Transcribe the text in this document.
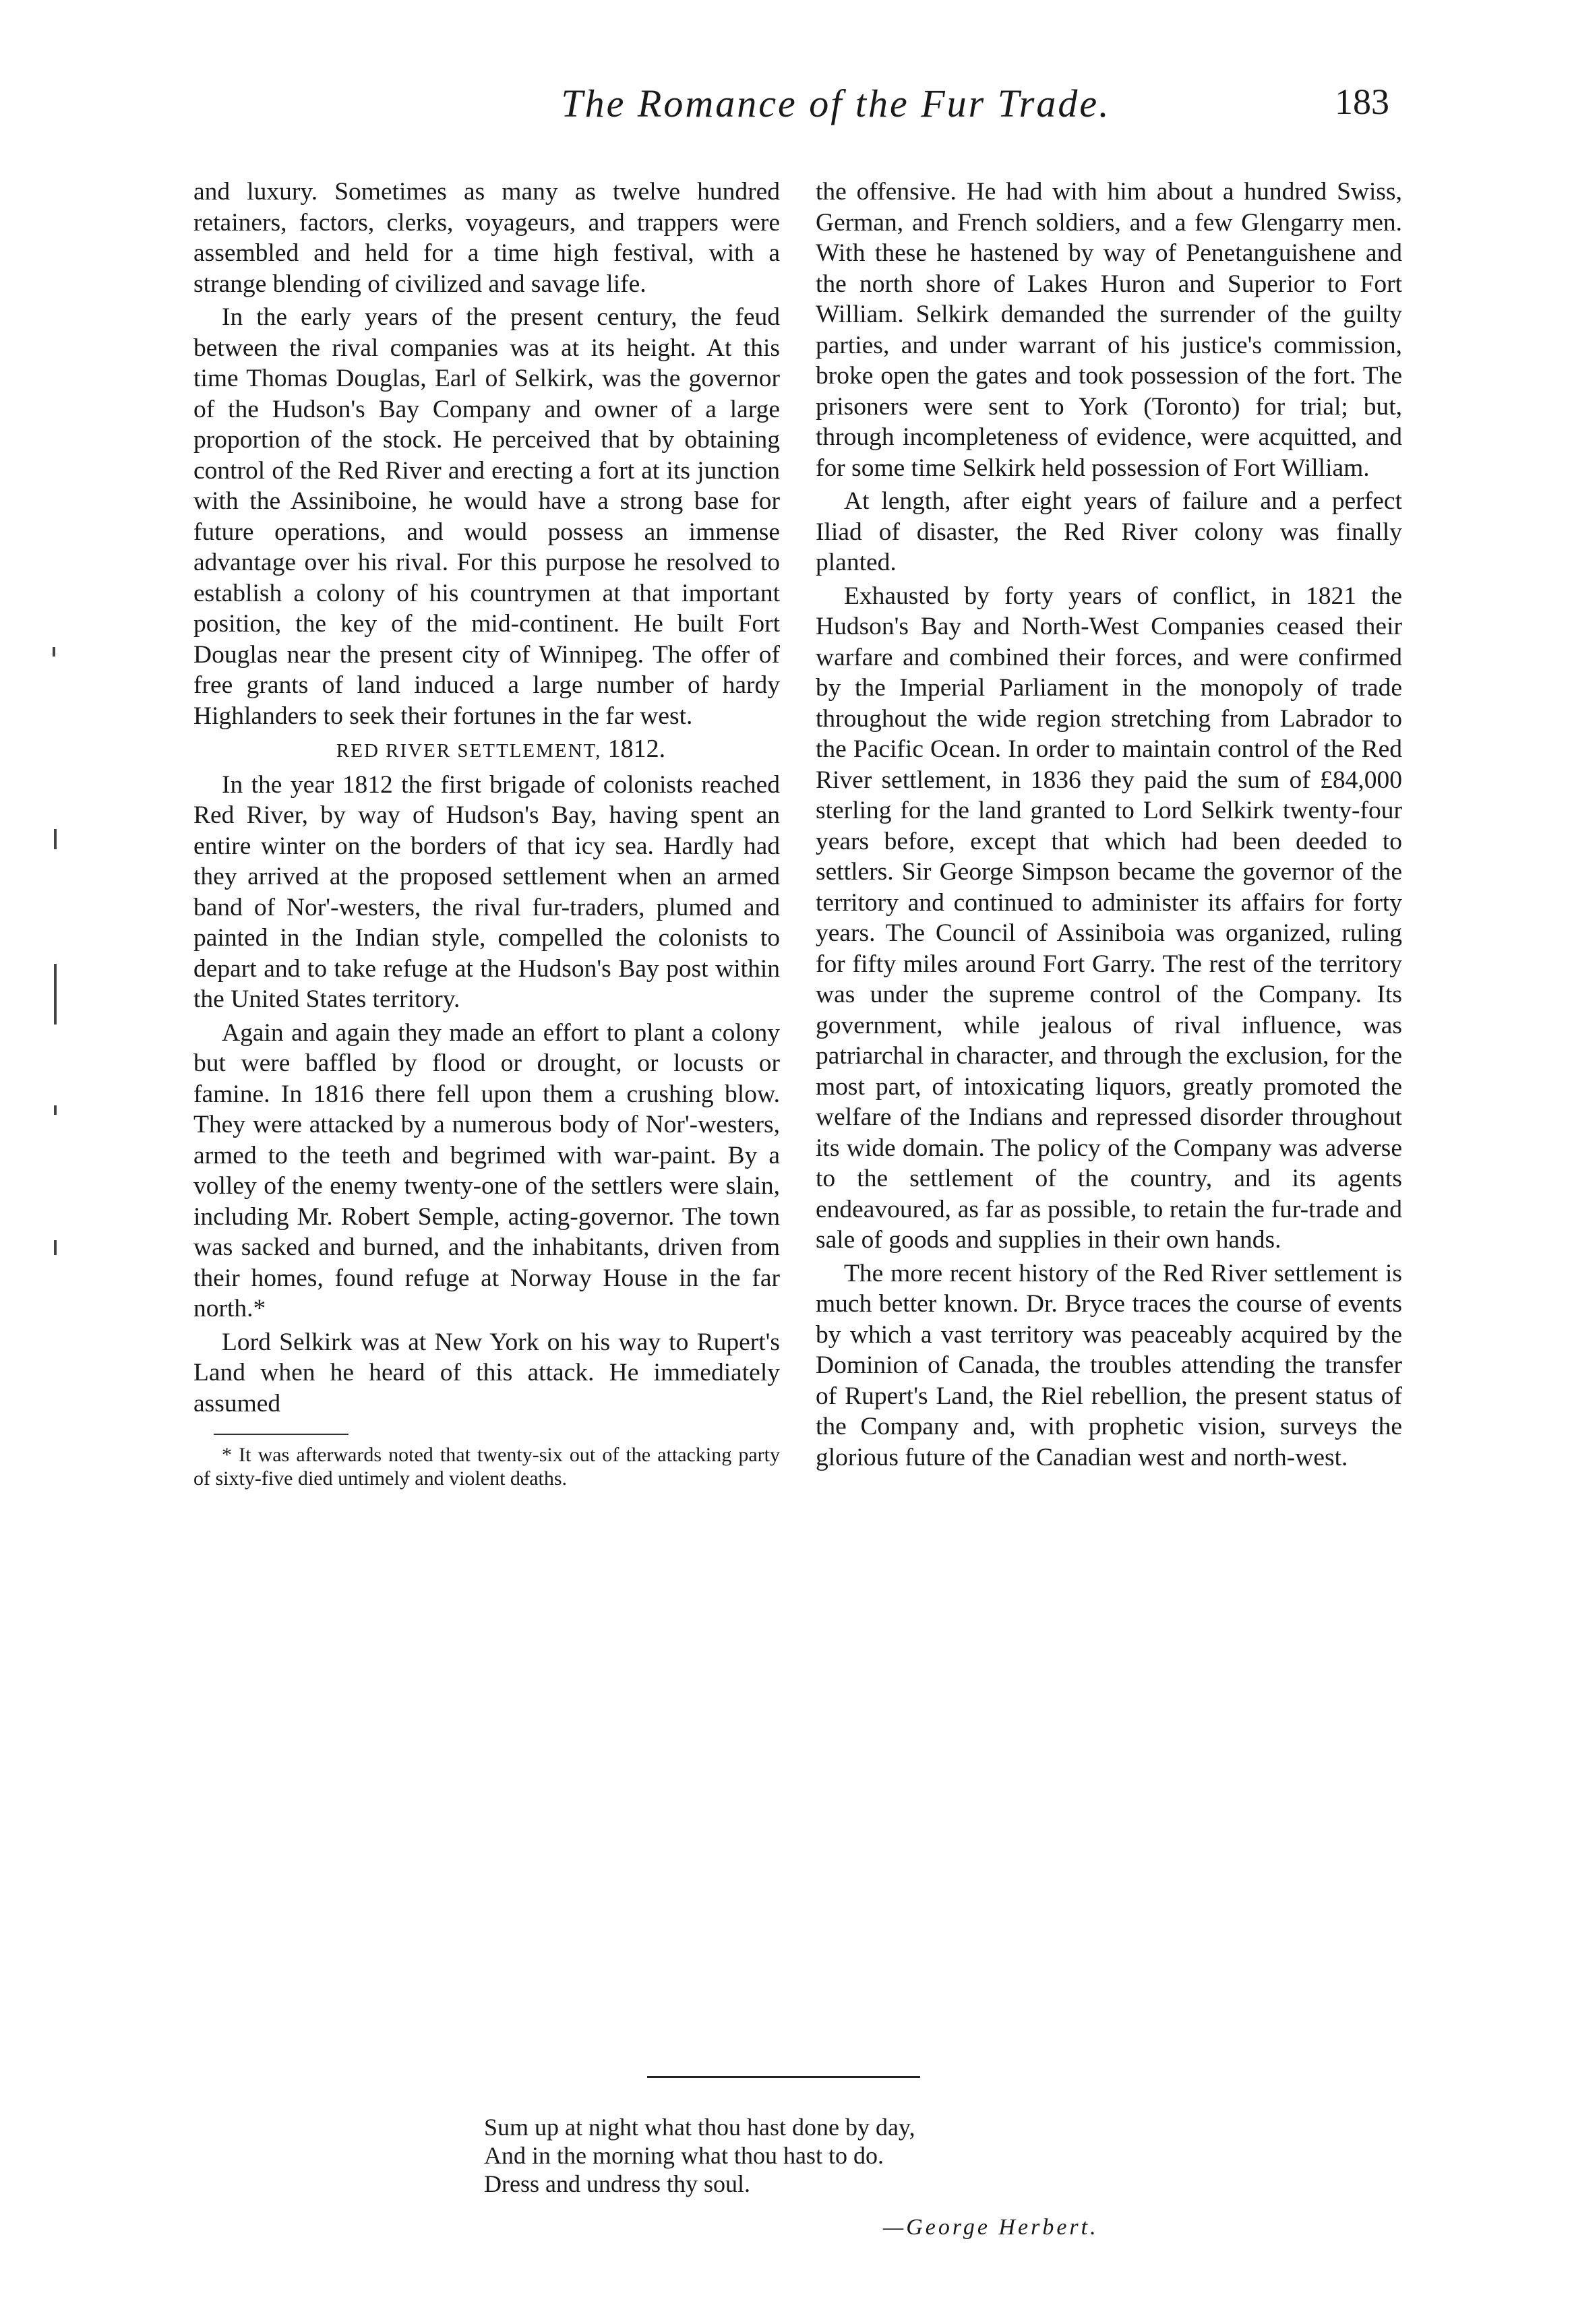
The Romance of the Fur Trade.	183

and luxury. Sometimes as many as twelve hundred retainers, factors, clerks, voyageurs, and trappers were assembled and held for a time high festival, with a strange blending of civilized and savage life.

In the early years of the present century, the feud between the rival companies was at its height. At this time Thomas Douglas, Earl of Selkirk, was the governor of the Hudson's Bay Company and owner of a large proportion of the stock. He perceived that by obtaining control of the Red River and erecting a fort at its junction with the Assiniboine, he would have a strong base for future operations, and would possess an immense advantage over his rival. For this purpose he resolved to establish a colony of his countrymen at that important position, the key of the mid-continent. He built Fort Douglas near the present city of Winnipeg. The offer of free grants of land induced a large number of hardy Highlanders to seek their fortunes in the far west.

RED RIVER SETTLEMENT, 1812.

In the year 1812 the first brigade of colonists reached Red River, by way of Hudson's Bay, having spent an entire winter on the borders of that icy sea. Hardly had they arrived at the proposed settlement when an armed band of Nor'-westers, the rival fur-traders, plumed and painted in the Indian style, compelled the colonists to depart and to take refuge at the Hudson's Bay post within the United States territory.

Again and again they made an effort to plant a colony but were baffled by flood or drought, or locusts or famine. In 1816 there fell upon them a crushing blow. They were attacked by a numerous body of Nor'-westers, armed to the teeth and begrimed with war-paint. By a volley of the enemy twenty-one of the settlers were slain, including Mr. Robert Semple, acting-governor. The town was sacked and burned, and the inhabitants, driven from their homes, found refuge at Norway House in the far north.*

Lord Selkirk was at New York on his way to Rupert's Land when he heard of this attack. He immediately assumed

* It was afterwards noted that twenty-six out of the attacking party of sixty-five died untimely and violent deaths.

the offensive. He had with him about a hundred Swiss, German, and French soldiers, and a few Glengarry men. With these he hastened by way of Penetanguishene and the north shore of Lakes Huron and Superior to Fort William. Selkirk demanded the surrender of the guilty parties, and under warrant of his justice's commission, broke open the gates and took possession of the fort. The prisoners were sent to York (Toronto) for trial; but, through incompleteness of evidence, were acquitted, and for some time Selkirk held possession of Fort William.

At length, after eight years of failure and a perfect Iliad of disaster, the Red River colony was finally planted.

Exhausted by forty years of conflict, in 1821 the Hudson's Bay and North-West Companies ceased their warfare and combined their forces, and were confirmed by the Imperial Parliament in the monopoly of trade throughout the wide region stretching from Labrador to the Pacific Ocean. In order to maintain control of the Red River settlement, in 1836 they paid the sum of £84,000 sterling for the land granted to Lord Selkirk twenty-four years before, except that which had been deeded to settlers. Sir George Simpson became the governor of the territory and continued to administer its affairs for forty years. The Council of Assiniboia was organized, ruling for fifty miles around Fort Garry. The rest of the territory was under the supreme control of the Company. Its government, while jealous of rival influence, was patriarchal in character, and through the exclusion, for the most part, of intoxicating liquors, greatly promoted the welfare of the Indians and repressed disorder throughout its wide domain. The policy of the Company was adverse to the settlement of the country, and its agents endeavoured, as far as possible, to retain the fur-trade and sale of goods and supplies in their own hands.

The more recent history of the Red River settlement is much better known. Dr. Bryce traces the course of events by which a vast territory was peaceably acquired by the Dominion of Canada, the troubles attending the transfer of Rupert's Land, the Riel rebellion, the present status of the Company and, with prophetic vision, surveys the glorious future of the Canadian west and north-west.

Sum up at night what thou hast done by day,
And in the morning what thou hast to do.
Dress and undress thy soul.
—George Herbert.
